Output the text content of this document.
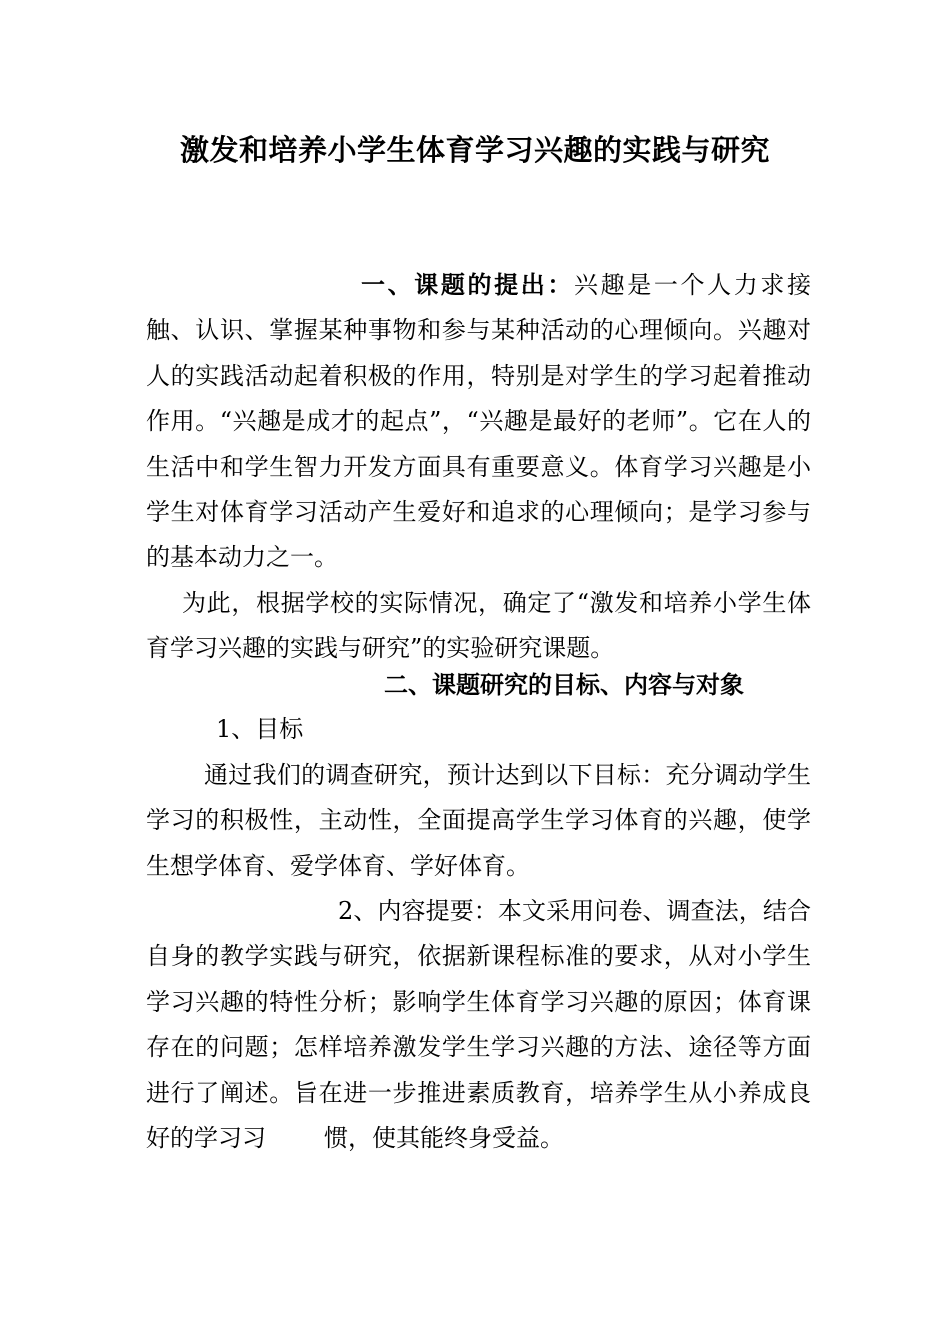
激发和培养小学生体育学习兴趣的实践与研究

一、课题的提出：兴趣是一个人力求接触、认识、掌握某种事物和参与某种活动的心理倾向。兴趣对人的实践活动起着积极的作用，特别是对学生的学习起着推动作用。“兴趣是成才的起点”，“兴趣是最好的老师”。它在人的生活中和学生智力开发方面具有重要意义。体育学习兴趣是小学生对体育学习活动产生爱好和追求的心理倾向；是学习参与的基本动力之一。

为此，根据学校的实际情况，确定了“激发和培养小学生体育学习兴趣的实践与研究”的实验研究课题。

二、课题研究的目标、内容与对象

1、目标

通过我们的调查研究，预计达到以下目标：充分调动学生学习的积极性，主动性，全面提高学生学习体育的兴趣，使学生想学体育、爱学体育、学好体育。

2、内容提要：本文采用问卷、调查法，结合自身的教学实践与研究，依据新课程标准的要求，从对小学生学习兴趣的特性分析；影响学生体育学习兴趣的原因；体育课存在的问题；怎样培养激发学生学习兴趣的方法、途径等方面进行了阐述。旨在进一步推进素质教育，培养学生从小养成良好的学习习 惯，使其能终身受益。
